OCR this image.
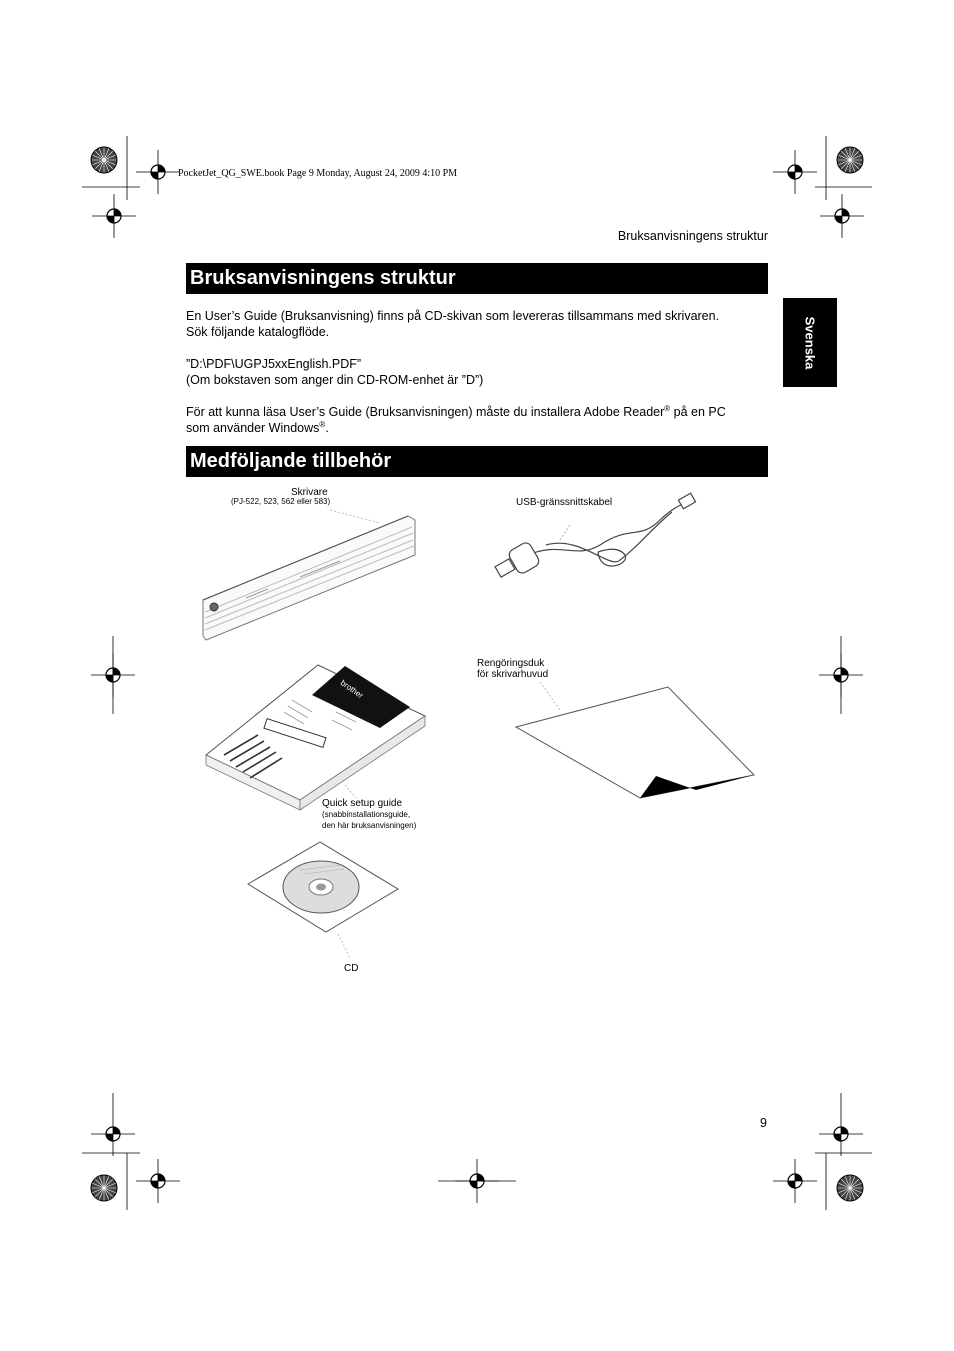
brother
PocketJet_QG_SWE.book Page 9 Monday, August 24, 2009 4:10 PM
Bruksanvisningens struktur
Svenska
Bruksanvisningens struktur

En User’s Guide (Bruksanvisning) finns på CD-skivan som levereras tillsammans med skrivaren.

Sök följande katalogflöde.

”D:\PDF\UGPJ5xxEnglish.PDF”

(Om bokstaven som anger din CD-ROM-enhet är ”D”)

För att kunna läsa User’s Guide (Bruksanvisningen) måste du installera Adobe Reader® på en PC

som använder Windows®.

Medföljande tillbehör
Skrivare
(PJ-522, 523, 562 eller 583)	USB-gränssnittskabel
Rengöringsduk
för skrivarhuvud
Quick setup guide
(snabbinstallationsguide,
den här bruksanvisningen)
CD
9
